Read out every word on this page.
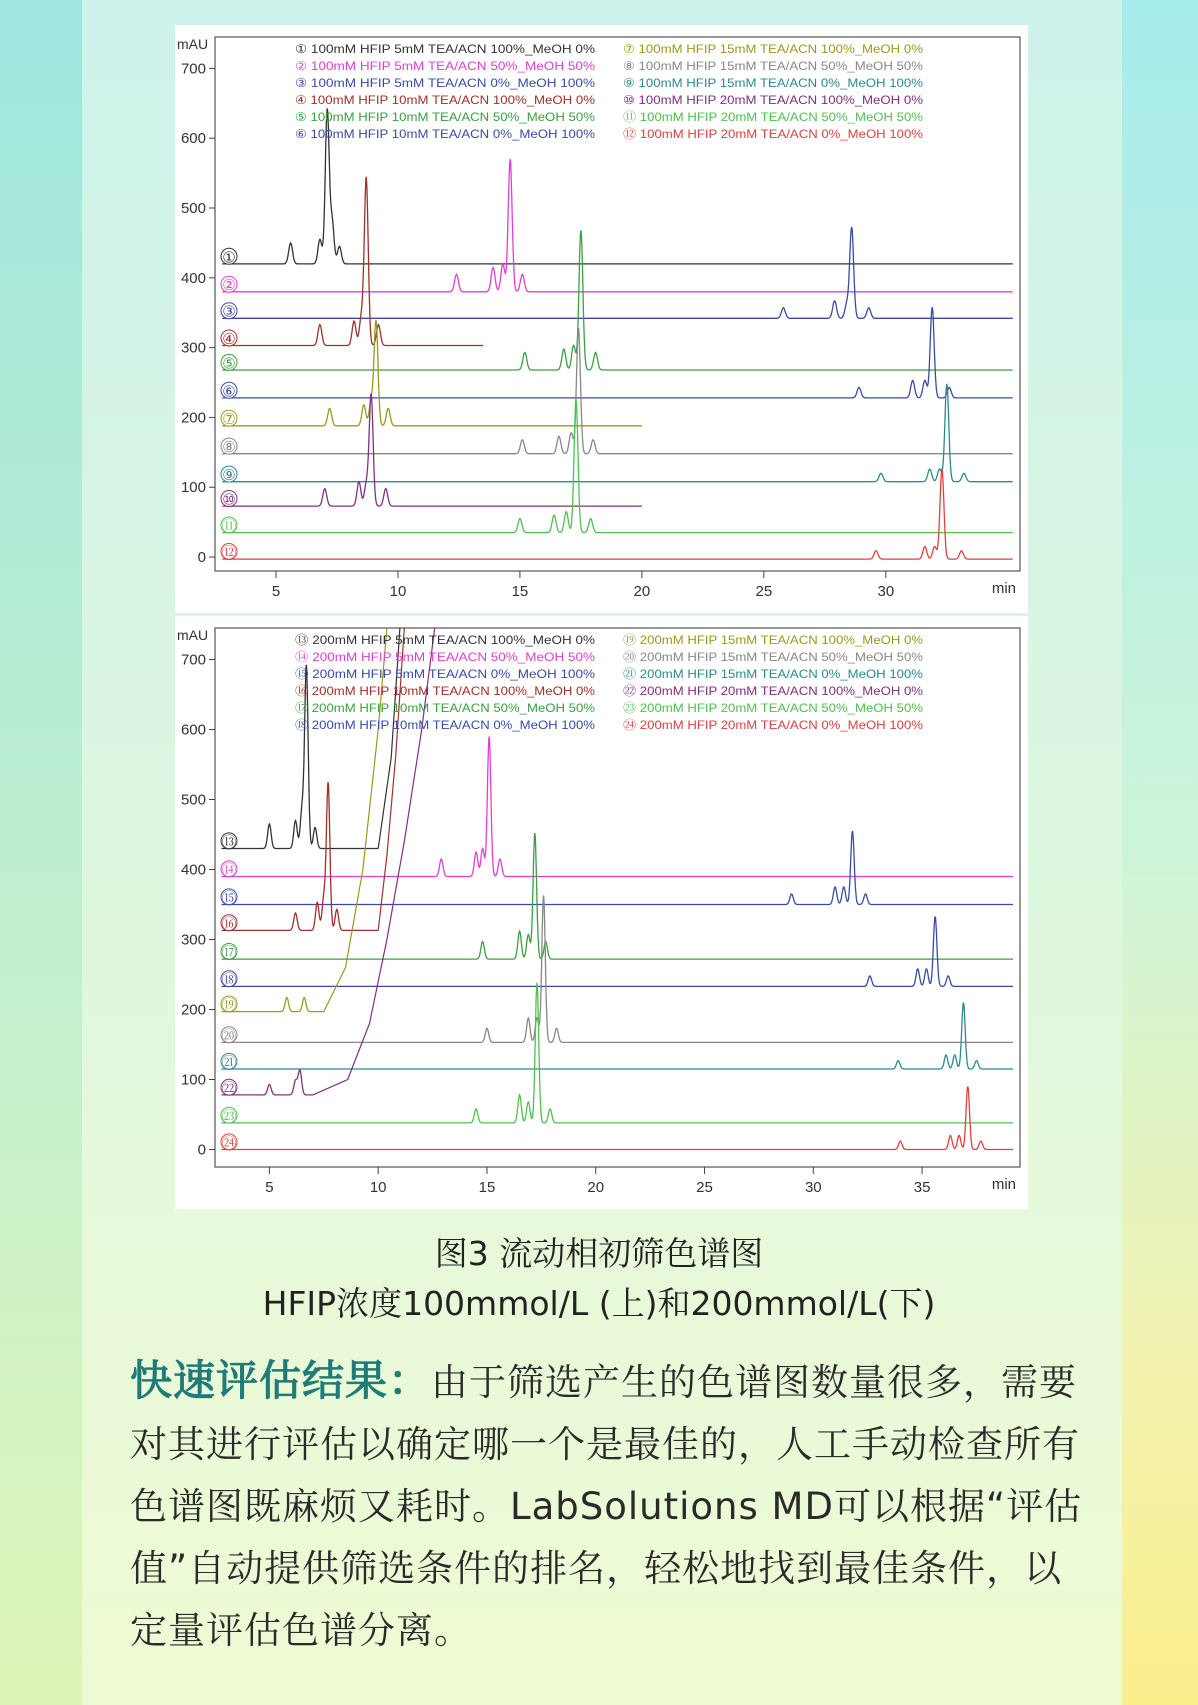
0
100
200
300
400
500
600
700
5	10	15	20	25	30
mAU
min
①
②
③
④
⑤
⑥
⑦
⑧
⑨
⑩
⑪
⑫
① 100mM HFIP 5mM TEA/ACN 100%_MeOH 0%
② 100mM HFIP 5mM TEA/ACN 50%_MeOH 50%
③ 100mM HFIP 5mM TEA/ACN 0%_MeOH 100%
④ 100mM HFIP 10mM TEA/ACN 100%_MeOH 0%
⑤ 100mM HFIP 10mM TEA/ACN 50%_MeOH 50%
⑥ 100mM HFIP 10mM TEA/ACN 0%_MeOH 100%
⑦ 100mM HFIP 15mM TEA/ACN 100%_MeOH 0%
⑧ 100mM HFIP 15mM TEA/ACN 50%_MeOH 50%
⑨ 100mM HFIP 15mM TEA/ACN 0%_MeOH 100%
⑩ 100mM HFIP 20mM TEA/ACN 100%_MeOH 0%
⑪ 100mM HFIP 20mM TEA/ACN 50%_MeOH 50%
⑫ 100mM HFIP 20mM TEA/ACN 0%_MeOH 100%
0
100
200
300
400
500
600
700
5	10	15	20	25	30	35
mAU
min
⑬
⑭
⑮
⑯
⑰
⑱
⑲
⑳
㉑
㉒
㉓
㉔
⑬ 200mM HFIP 5mM TEA/ACN 100%_MeOH 0%
⑭ 200mM HFIP 5mM TEA/ACN 50%_MeOH 50%
⑮ 200mM HFIP 5mM TEA/ACN 0%_MeOH 100%
⑯ 200mM HFIP 10mM TEA/ACN 100%_MeOH 0%
⑰ 200mM HFIP 10mM TEA/ACN 50%_MeOH 50%
⑱ 200mM HFIP 10mM TEA/ACN 0%_MeOH 100%
⑲ 200mM HFIP 15mM TEA/ACN 100%_MeOH 0%
⑳ 200mM HFIP 15mM TEA/ACN 50%_MeOH 50%
㉑ 200mM HFIP 15mM TEA/ACN 0%_MeOH 100%
㉒ 200mM HFIP 20mM TEA/ACN 100%_MeOH 0%
㉓ 200mM HFIP 20mM TEA/ACN 50%_MeOH 50%
㉔ 200mM HFIP 20mM TEA/ACN 0%_MeOH 100%
图3 流动相初筛色谱图
HFIP浓度100mmol/L (上)和200mmol/L(下)
快速评估结果：由于筛选产生的色谱图数量很多，需要对其进行评估以确定哪一个是最佳的，人工手动检查所有色谱图既麻烦又耗时。LabSolutions MD可以根据“评估值”自动提供筛选条件的排名，轻松地找到最佳条件，以定量评估色谱分离。
